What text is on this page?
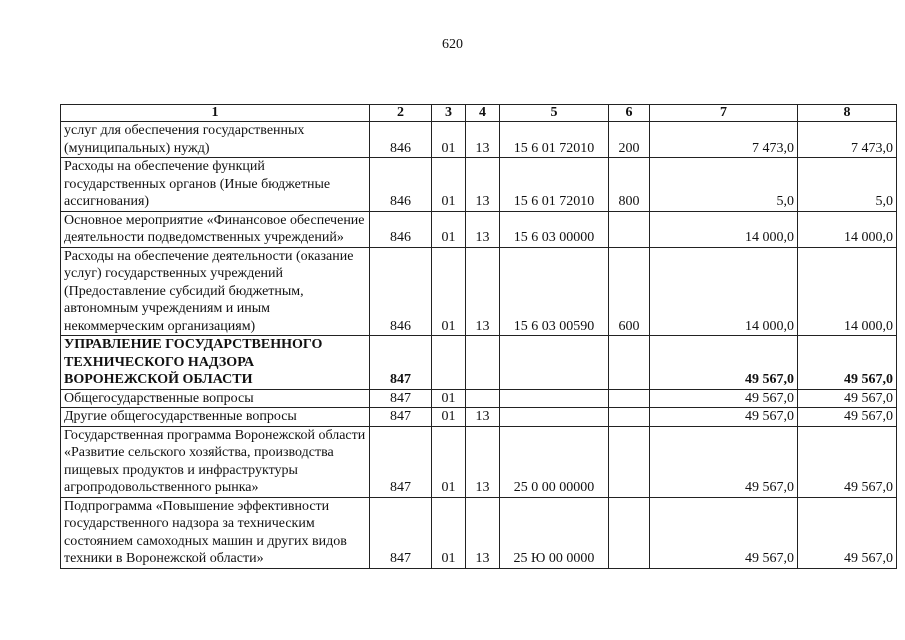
620
1	2	3	4	5	6	7	8
услуг для обеспечения государственных (муниципальных) нужд)	846	01	13	15 6 01 72010	200	7 473,0	7 473,0
Расходы на обеспечение функций государственных органов (Иные бюджетные ассигнования)	846	01	13	15 6 01 72010	800	5,0	5,0
Основное мероприятие «Финансовое обеспечение деятельности подведомственных учреждений»	846	01	13	15 6 03 00000		14 000,0	14 000,0
Расходы на обеспечение деятельности (оказание услуг) государственных учреждений (Предоставление субсидий бюджетным, автономным учреждениям и иным некоммерческим организациям)	846	01	13	15 6 03 00590	600	14 000,0	14 000,0
УПРАВЛЕНИЕ ГОСУДАРСТВЕННОГО ТЕХНИЧЕСКОГО НАДЗОРА ВОРОНЕЖСКОЙ ОБЛАСТИ	847					49 567,0	49 567,0
Общегосударственные вопросы	847	01				49 567,0	49 567,0
Другие общегосударственные вопросы	847	01	13			49 567,0	49 567,0
Государственная программа Воронежской области «Развитие сельского хозяйства, производства пищевых продуктов и инфраструктуры агропродовольственного рынка»	847	01	13	25 0 00 00000		49 567,0	49 567,0
Подпрограмма «Повышение эффективности государственного надзора за техническим состоянием самоходных машин и других видов техники в Воронежской области»	847	01	13	25 Ю 00 0000		49 567,0	49 567,0
